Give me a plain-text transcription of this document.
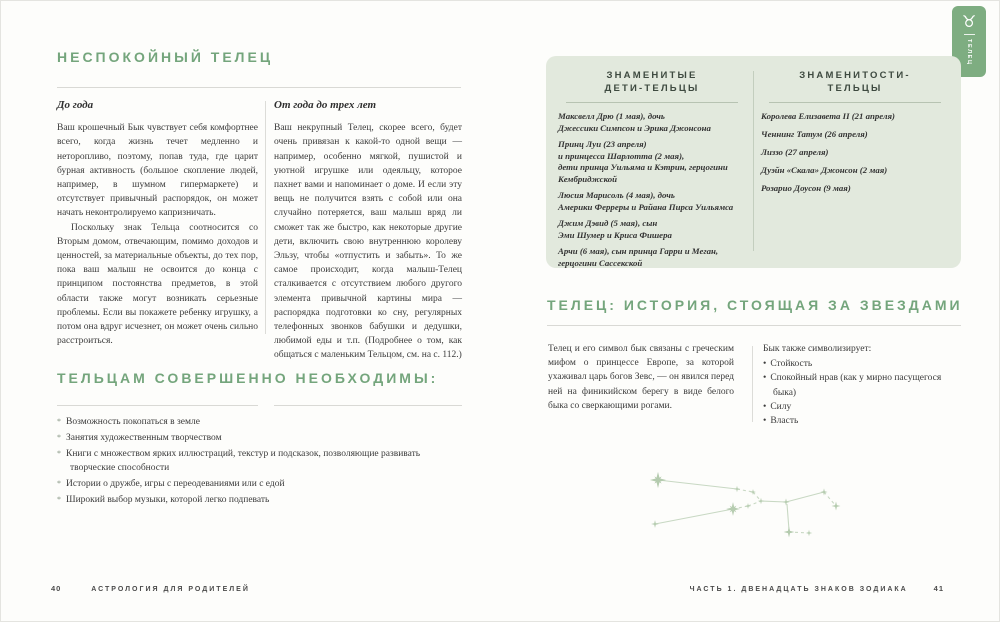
♉
ТЕЛЕЦ
НЕСПОКОЙНЫЙ ТЕЛЕЦ
До года

Ваш крошечный Бык чувствует себя комфортнее всего, когда жизнь течет медленно и неторопливо, поэтому, попав туда, где царит бурная активность (большое скопление людей, например, в шумном гипермаркете) и отсутствует привычный распорядок, он может начать неконтролируемо капризничать.

Поскольку знак Тельца соотносится со Вторым домом, отвечающим, помимо доходов и ценностей, за материальные объекты, до тех пор, пока ваш малыш не освоится до конца с принципом постоянства предметов, в этой области также могут возникать серьезные проблемы. Если вы покажете ребенку игрушку, а потом она вдруг исчезнет, он может очень сильно расстроиться.

От года до трех лет

Ваш некрупный Телец, скорее всего, будет очень привязан к какой-то одной вещи — например, особенно мягкой, пушистой и уютной игрушке или одеяльцу, которое пахнет вами и напоминает о доме. И если эту вещь не получится взять с собой или она случайно потеряется, ваш малыш вряд ли сможет так же быстро, как некоторые другие дети, включить свою внутреннюю королеву Эльзу, чтобы «отпустить и забыть». То же самое происходит, когда малыш-Телец сталкивается с отсутствием любого другого элемента привычной картины мира — распорядка подготовки ко сну, регулярных телефонных звонков бабушки и дедушки, любимой еды и т.п. (Подробнее о том, как общаться с маленьким Тельцом, см. на с. 112.)

ТЕЛЬЦАМ СОВЕРШЕННО НЕОБХОДИМЫ:
* Возможность покопаться в земле
* Занятия художественным творчеством
* Книги с множеством ярких иллюстраций, текстур и подсказок, позволяющие развивать творческие способности
* Истории о дружбе, игры с переодеваниями или с едой
* Широкий выбор музыки, которой легко подпевать
40	АСТРОЛОГИЯ ДЛЯ РОДИТЕЛЕЙ

ЗНАМЕНИТЫЕ
ДЕТИ-ТЕЛЬЦЫ

Максвелл Дрю (1 мая), дочь
Джессики Симпсон и Эрика Джонсона

Принц Луи (23 апреля)
и принцесса Шарлотта (2 мая),
дети принца Уильяма и Кэтрин, герцогини
Кембриджской

Люсия Марисоль (4 мая), дочь
Америки Ферреры и Райана Пирса Уильямса

Джим Дэвид (5 мая), сын
Эми Шумер и Криса Фишера

Арчи (6 мая), сын принца Гарри и Меган,
герцогини Сассекской

ЗНАМЕНИТОСТИ-
ТЕЛЬЦЫ

Королева Елизавета II (21 апреля)

Ченнинг Татум (26 апреля)

Лиззо (27 апреля)

Дуэйн «Скала» Джонсон (2 мая)

Розарио Доусон (9 мая)

ТЕЛЕЦ: ИСТОРИЯ, СТОЯЩАЯ ЗА ЗВЕЗДАМИ

Телец и его символ бык связаны с греческим мифом о принцессе Европе, за которой ухаживал царь богов Зевс, — он явился перед ней на финикийском берегу в виде белого быка со сверкающими рогами.

Бык также символизирует:

• Стойкость
• Спокойный нрав (как у мирно пасущегося быка)
• Силу
• Власть
ЧАСТЬ 1. ДВЕНАДЦАТЬ ЗНАКОВ ЗОДИАКА	41
